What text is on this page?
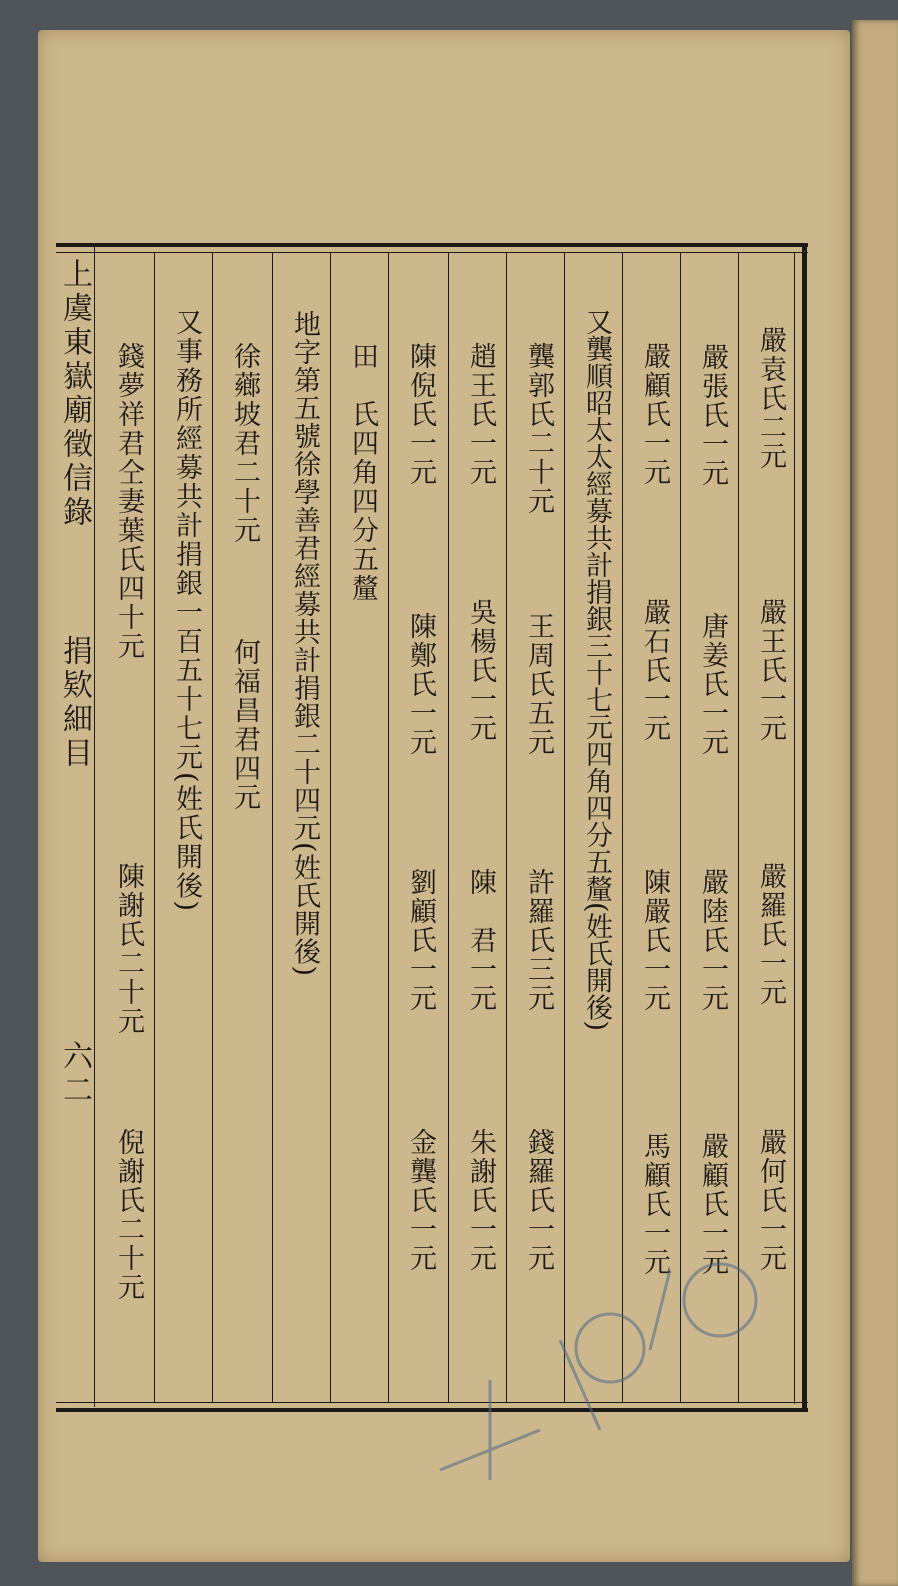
上虞東嶽廟徵信錄
捐欵細目
六二
嚴袁氏二元
嚴王氏一元
嚴羅氏一元
嚴何氏一元
嚴張氏一元
唐姜氏一元
嚴陸氏一元
嚴顧氏一元
嚴顧氏一元
嚴石氏一元
陳嚴氏一元
馬顧氏一元
又龔順昭太太經募共計捐銀三十七元四角四分五釐(姓氏開後)
龔郭氏二十元
王周氏五元
許羅氏三元
錢羅氏一元
趙王氏一元
吳楊氏一元
陳　君一元
朱謝氏一元
陳倪氏一元
陳鄭氏一元
劉顧氏一元
金龔氏一元
田　氏四角四分五釐
地字第五號徐學善君經募共計捐銀二十四元(姓氏開後)
徐薌坡君二十元
何福昌君四元
又事務所經募共計捐銀一百五十七元(姓氏開後)
錢夢祥君仝妻葉氏四十元
陳謝氏二十元
倪謝氏二十元
